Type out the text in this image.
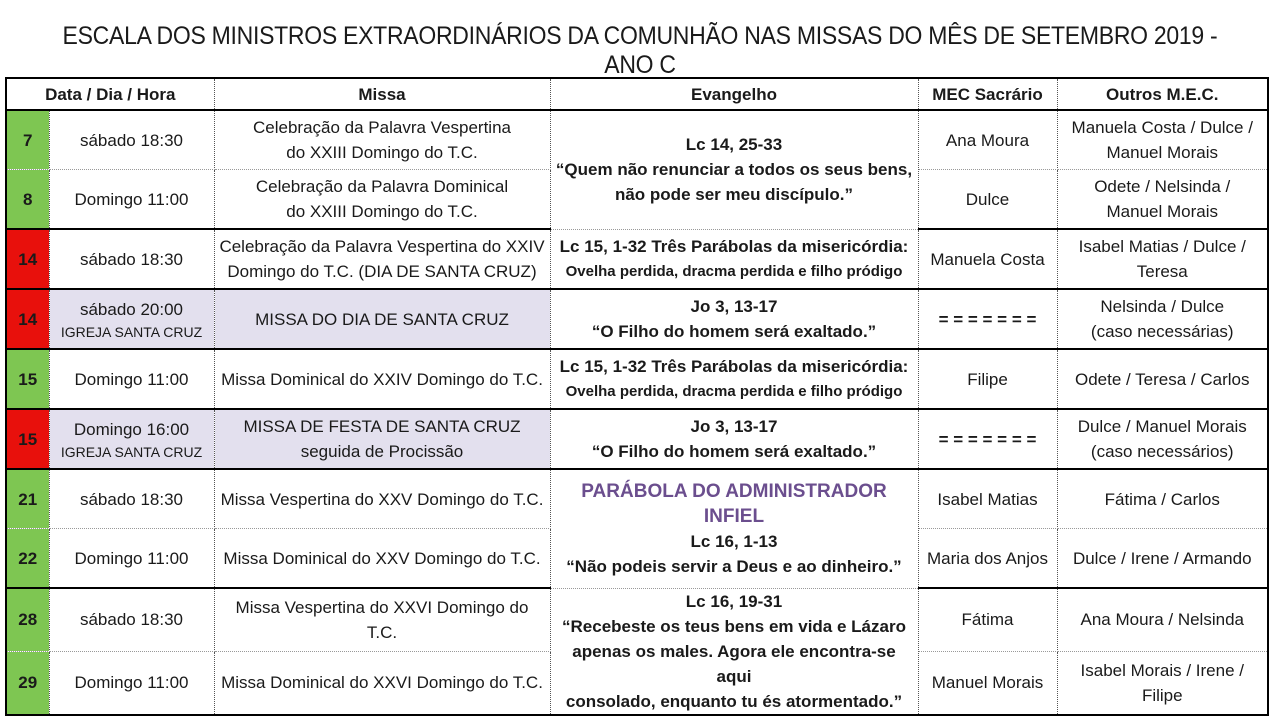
ESCALA DOS MINISTROS EXTRAORDINÁRIOS DA COMUNHÃO NAS MISSAS DO MÊS DE SETEMBRO 2019 - ANO C
Data / Dia / Hora		Missa	Evangelho	MEC Sacrário	Outros M.E.C.
7	sábado 18:30	Celebração da Palavra Vespertina
do XXIII Domingo do T.C.	Lc 14, 25-33
“Quem não renunciar a todos os seus bens,
não pode ser meu discípulo.”	Ana Moura	Manuela Costa / Dulce /
Manuel Morais

8	Domingo 11:00	Celebração da Palavra Dominical
do XXIII Domingo do T.C.		Dulce	Odete / Nelsinda /
Manuel Morais

14	sábado 18:30	Celebração da Palavra Vespertina do XXIV
Domingo do T.C. (DIA DE SANTA CRUZ)	Lc 15, 1-32 Três Parábolas da misericórdia:
Ovelha perdida, dracma perdida e filho pródigo	Manuela Costa	Isabel Matias / Dulce /
Teresa

14	sábado 20:00
IGREJA SANTA CRUZ	MISSA DO DIA DE SANTA CRUZ	Jo 3, 13-17
“O Filho do homem será exaltado.”	= = = = = = =	Nelsinda / Dulce
(caso necessárias)

15	Domingo 11:00	Missa Dominical do XXIV Domingo do T.C.	Lc 15, 1-32 Três Parábolas da misericórdia:
Ovelha perdida, dracma perdida e filho pródigo	Filipe	Odete / Teresa / Carlos
15	Domingo 16:00
IGREJA SANTA CRUZ	MISSA DE FESTA DE SANTA CRUZ
seguida de Procissão	Jo 3, 13-17
“O Filho do homem será exaltado.”	= = = = = = =	Dulce / Manuel Morais
(caso necessários)

21	sábado 18:30	Missa Vespertina do XXV Domingo do T.C.	PARÁBOLA DO ADMINISTRADOR INFIEL
Lc 16, 1-13
“Não podeis servir a Deus e ao dinheiro.”	Isabel Matias	Fátima / Carlos
22	Domingo 11:00	Missa Dominical do XXV Domingo do T.C.		Maria dos Anjos	Dulce / Irene / Armando
28	sábado 18:30	Missa Vespertina do XXVI Domingo do T.C.	Lc 16, 19-31
“Recebeste os teus bens em vida e Lázaro
apenas os males. Agora ele encontra-se aqui
consolado, enquanto tu és atormentado.”	Fátima	Ana Moura / Nelsinda
29	Domingo 11:00	Missa Dominical do XXVI Domingo do T.C.		Manuel Morais	Isabel Morais / Irene / Filipe
